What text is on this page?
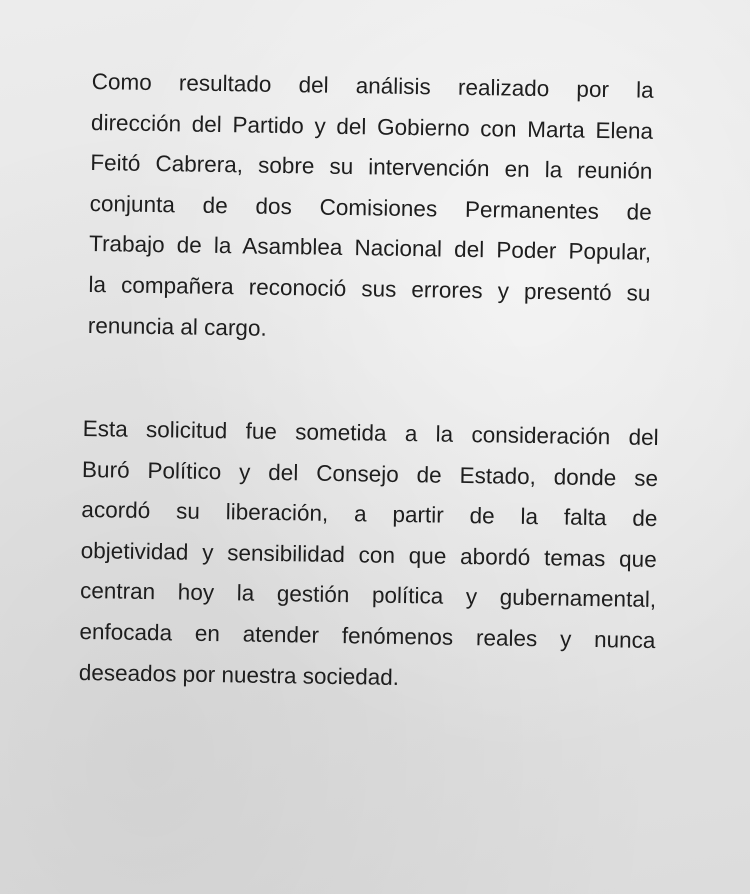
Como resultado del análisis realizado por la
dirección del Partido y del Gobierno con Marta Elena
Feitó Cabrera, sobre su intervención en la reunión
conjunta de dos Comisiones Permanentes de
Trabajo de la Asamblea Nacional del Poder Popular,
la compañera reconoció sus errores y presentó su
renuncia al cargo.
Esta solicitud fue sometida a la consideración del
Buró Político y del Consejo de Estado, donde se
acordó su liberación, a partir de la falta de
objetividad y sensibilidad con que abordó temas que
centran hoy la gestión política y gubernamental,
enfocada en atender fenómenos reales y nunca
deseados por nuestra sociedad.
